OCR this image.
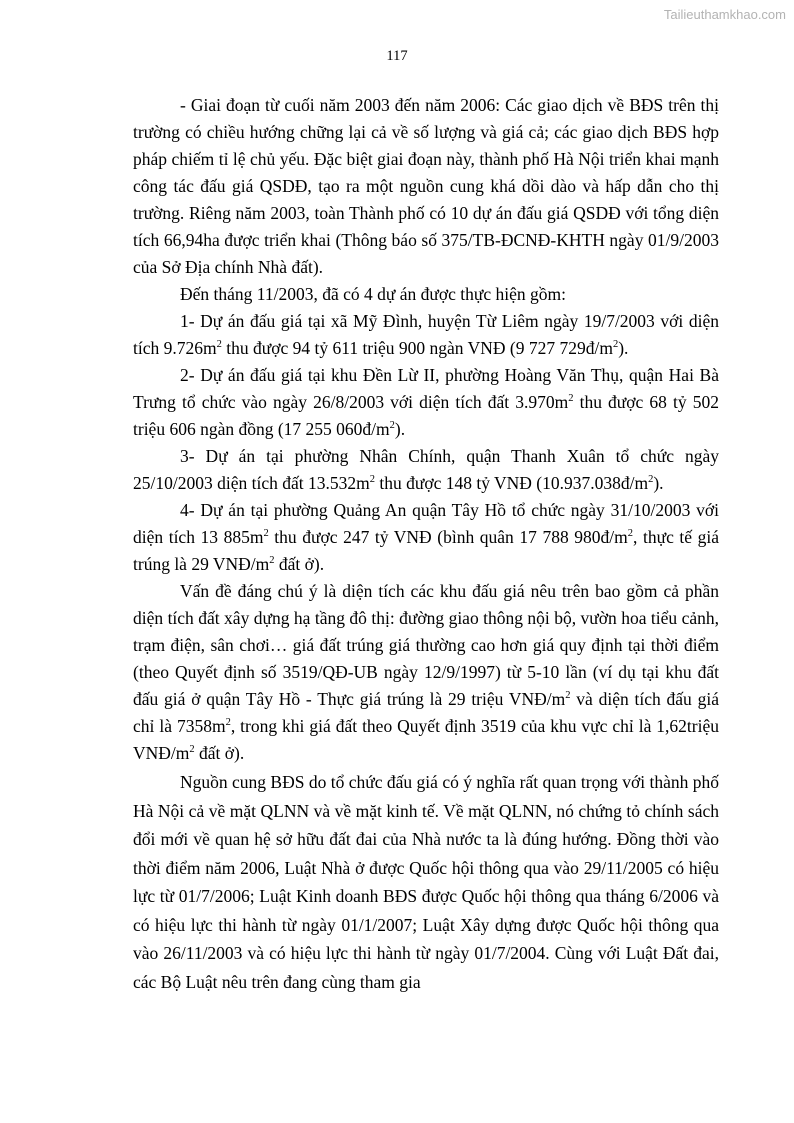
Tailieuthamkhao.com
117

- Giai đoạn từ cuối năm 2003 đến năm 2006: Các giao dịch về BĐS trên thị trường có chiều hướng chững lại cả về số lượng và giá cả; các giao dịch BĐS hợp pháp chiếm tỉ lệ chủ yếu. Đặc biệt giai đoạn này, thành phố Hà Nội triển khai mạnh công tác đấu giá QSDĐ, tạo ra một nguồn cung khá dồi dào và hấp dẫn cho thị trường. Riêng năm 2003, toàn Thành phố có 10 dự án đấu giá QSDĐ với tổng diện tích 66,94ha được triển khai (Thông báo số 375/TB-ĐCNĐ-KHTH ngày 01/9/2003 của Sở Địa chính Nhà đất).

Đến tháng 11/2003, đã có 4 dự án được thực hiện gồm:

1- Dự án đấu giá tại xã Mỹ Đình, huyện Từ Liêm ngày 19/7/2003 với diện tích $9.726m^2$ thu được 94 tỷ 611 triệu 900 ngàn VNĐ (9 727 $729đ/m^2$).

2- Dự án đấu giá tại khu Đền Lừ II, phường Hoàng Văn Thụ, quận Hai Bà Trưng tổ chức vào ngày 26/8/2003 với diện tích đất $3.970m^2$ thu được 68 tỷ 502 triệu 606 ngàn đồng (17 255 $060đ/m^2$).

3- Dự án tại phường Nhân Chính, quận Thanh Xuân tổ chức ngày 25/10/2003 diện tích đất $13.532m^2$ thu được 148 tỷ VNĐ $(10.937.038đ/m^2)$.

4- Dự án tại phường Quảng An quận Tây Hồ tổ chức ngày 31/10/2003 với diện tích 13 $885m^2$ thu được 247 tỷ VNĐ (bình quân 17 788 $980đ/m^2$, thực tế giá trúng là 29 VNĐ/$m^2$ đất ở).

Vấn đề đáng chú ý là diện tích các khu đấu giá nêu trên bao gồm cả phần diện tích đất xây dựng hạ tầng đô thị: đường giao thông nội bộ, vườn hoa tiểu cảnh, trạm điện, sân chơi… giá đất trúng giá thường cao hơn giá quy định tại thời điểm (theo Quyết định số 3519/QĐ-UB ngày 12/9/1997) từ 5-10 lần (ví dụ tại khu đất đấu giá ở quận Tây Hồ - Thực giá trúng là 29 triệu VNĐ/$m^2$ và diện tích đấu giá chỉ là $7358m^2$, trong khi giá đất theo Quyết định 3519 của khu vực chỉ là 1,62triệu VNĐ/$m^2$ đất ở).

Nguồn cung BĐS do tổ chức đấu giá có ý nghĩa rất quan trọng với thành phố Hà Nội cả về mặt QLNN và về mặt kinh tế. Về mặt QLNN, nó chứng tỏ chính sách đổi mới về quan hệ sở hữu đất đai của Nhà nước ta là đúng hướng. Đồng thời vào thời điểm năm 2006, Luật Nhà ở được Quốc hội thông qua vào 29/11/2005 có hiệu lực từ 01/7/2006; Luật Kinh doanh BĐS được Quốc hội thông qua tháng 6/2006 và có hiệu lực thi hành từ ngày 01/1/2007; Luật Xây dựng được Quốc hội thông qua vào 26/11/2003 và có hiệu lực thi hành từ ngày 01/7/2004. Cùng với Luật Đất đai, các Bộ Luật nêu trên đang cùng tham gia
